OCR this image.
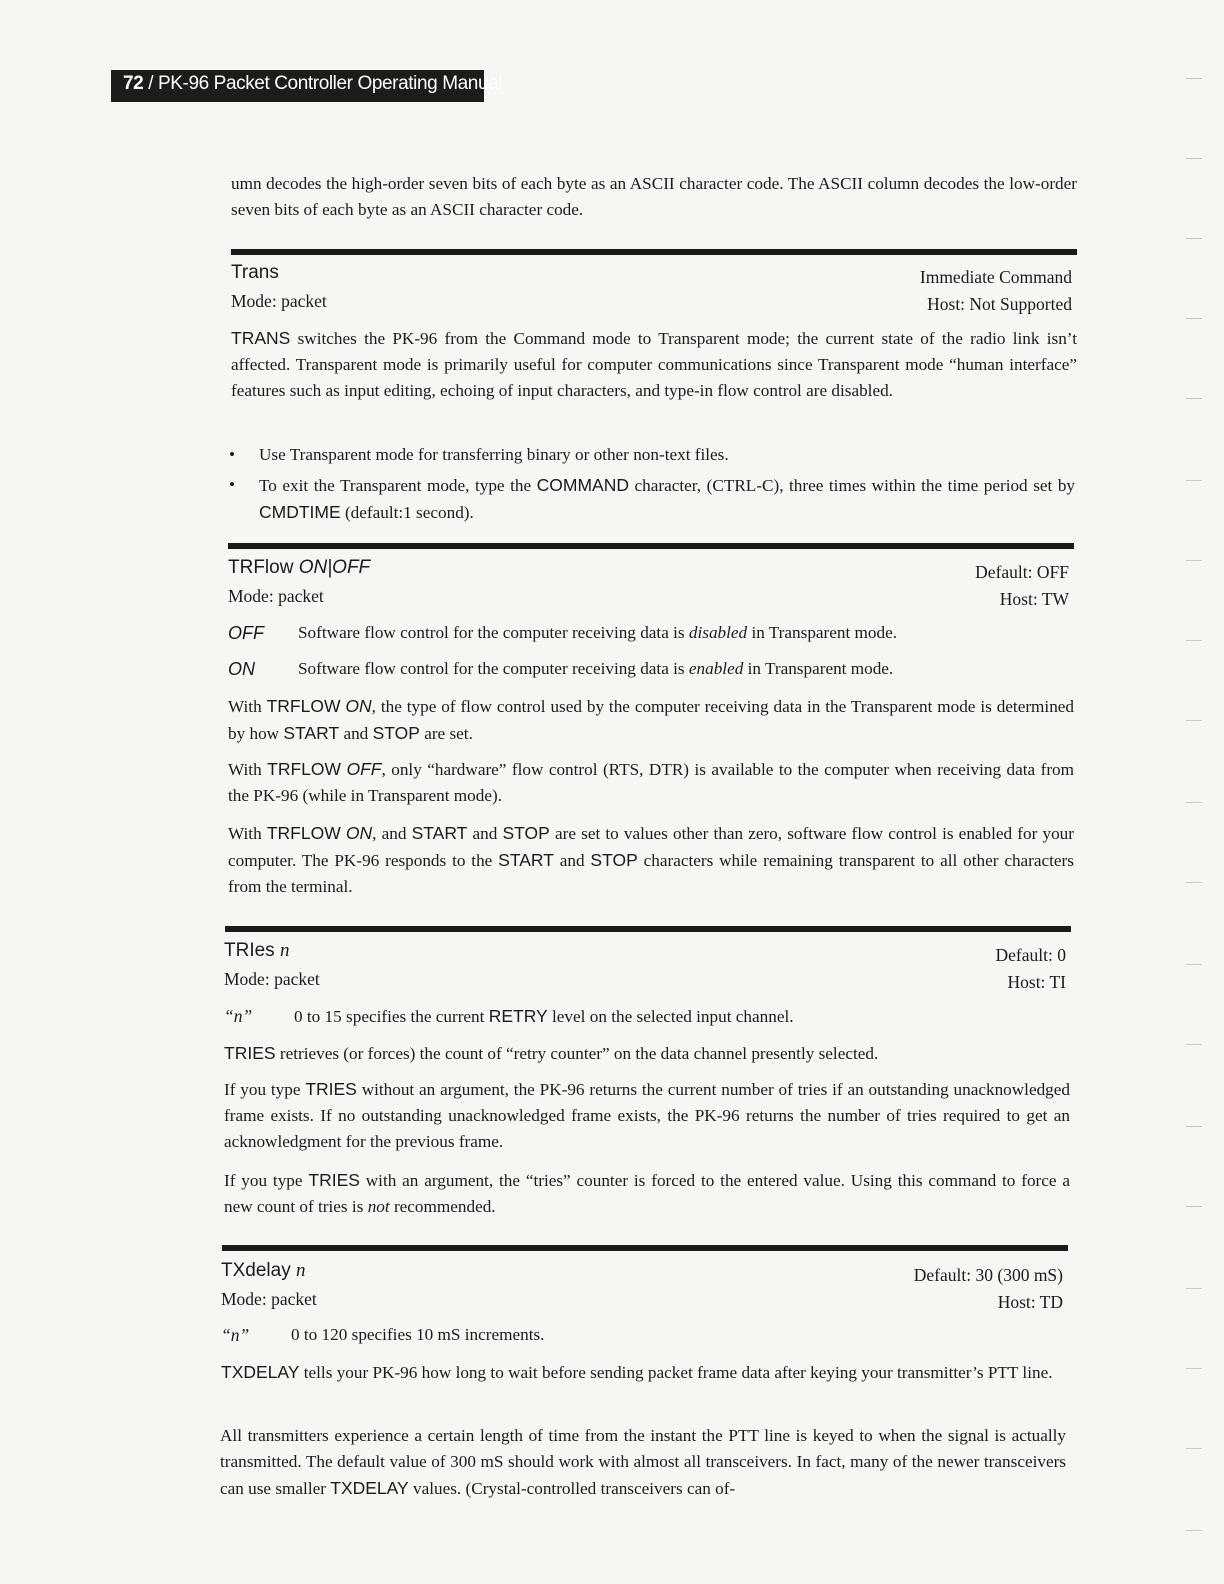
72 / PK-96 Packet Controller Operating Manual

umn decodes the high-order seven bits of each byte as an ASCII character code. The ASCII column decodes the low-order seven bits of each byte as an ASCII character code.

Trans	Immediate Command
Mode: packet	Host: Not Supported

TRANS switches the PK-96 from the Command mode to Transparent mode; the current state of the radio link isn’t affected. Transparent mode is primarily useful for computer communications since Transparent mode “human interface” features such as input editing, echoing of input characters, and type-in flow control are disabled.

• Use Transparent mode for transferring binary or other non-text files.
• To exit the Transparent mode, type the COMMAND character, (CTRL-C), three times within the time period set by CMDTIME (default:1 second).
TRFlow ON|OFF	Default: OFF
Mode: packet	Host: TW
OFF Software flow control for the computer receiving data is disabled in Transparent mode.
ON	Software flow control for the computer receiving data is enabled in Transparent mode.

With TRFLOW ON, the type of flow control used by the computer receiving data in the Transparent mode is determined by how START and STOP are set.

With TRFLOW OFF, only “hardware” flow control (RTS, DTR) is available to the computer when receiving data from the PK-96 (while in Transparent mode).

With TRFLOW ON, and START and STOP are set to values other than zero, software flow control is enabled for your computer. The PK-96 responds to the START and STOP characters while remaining transparent to all other characters from the terminal.

TRIes n	Default: 0
Mode: packet	Host: TI
“n” 0 to 15 specifies the current RETRY level on the selected input channel.

TRIES retrieves (or forces) the count of “retry counter” on the data channel presently selected.

If you type TRIES without an argument, the PK-96 returns the current number of tries if an outstanding unacknowledged frame exists. If no outstanding unacknowledged frame exists, the PK-96 returns the number of tries required to get an acknowledgment for the previous frame.

If you type TRIES with an argument, the “tries” counter is forced to the entered value. Using this command to force a new count of tries is not recommended.

TXdelay n	Default: 30 (300 mS)
Mode: packet	Host: TD
“n” 0 to 120 specifies 10 mS increments.

TXDELAY tells your PK-96 how long to wait before sending packet frame data after keying your transmitter’s PTT line.

All transmitters experience a certain length of time from the instant the PTT line is keyed to when the signal is actually transmitted. The default value of 300 mS should work with almost all transceivers. In fact, many of the newer transceivers can use smaller TXDELAY values. (Crystal-controlled transceivers can of-
